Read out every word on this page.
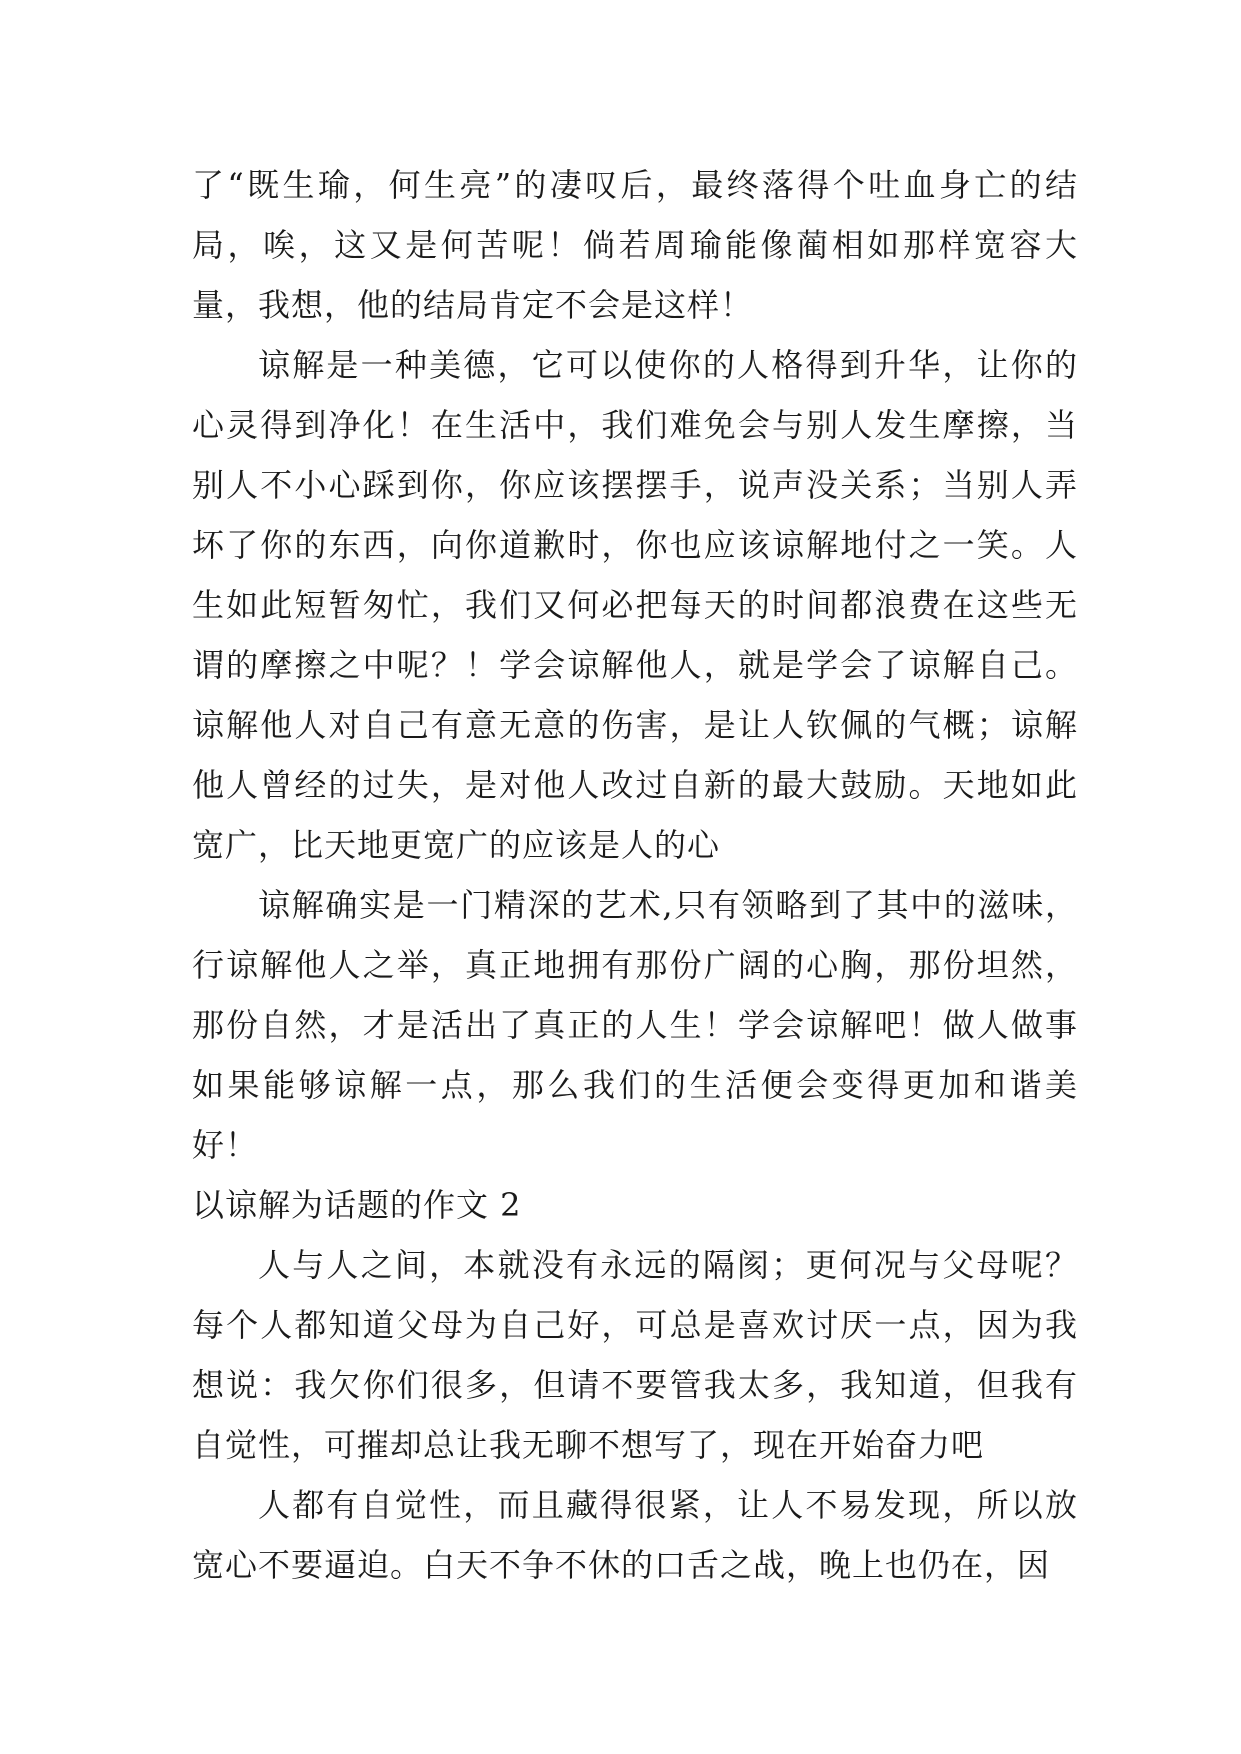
了“既生瑜，何生亮”的凄叹后，最终落得个吐血身亡的结局，唉，这又是何苦呢！倘若周瑜能像蔺相如那样宽容大量，我想，他的结局肯定不会是这样！

谅解是一种美德，它可以使你的人格得到升华，让你的心灵得到净化！在生活中，我们难免会与别人发生摩擦，当别人不小心踩到你，你应该摆摆手，说声没关系；当别人弄坏了你的东西，向你道歉时，你也应该谅解地付之一笑。人生如此短暂匆忙，我们又何必把每天的时间都浪费在这些无谓的摩擦之中呢？！学会谅解他人，就是学会了谅解自己。谅解他人对自己有意无意的伤害，是让人钦佩的气概；谅解他人曾经的过失，是对他人改过自新的最大鼓励。天地如此宽广，比天地更宽广的应该是人的心

谅解确实是一门精深的艺术,只有领略到了其中的滋味，行谅解他人之举，真正地拥有那份广阔的心胸，那份坦然，那份自然，才是活出了真正的人生！学会谅解吧！做人做事如果能够谅解一点，那么我们的生活便会变得更加和谐美好！

以谅解为话题的作文 2

人与人之间，本就没有永远的隔阂；更何况与父母呢？每个人都知道父母为自己好，可总是喜欢讨厌一点，因为我想说：我欠你们很多，但请不要管我太多，我知道，但我有自觉性，可摧却总让我无聊不想写了，现在开始奋力吧

人都有自觉性，而且藏得很紧，让人不易发现，所以放宽心不要逼迫。白天不争不休的口舌之战，晚上也仍在，因
